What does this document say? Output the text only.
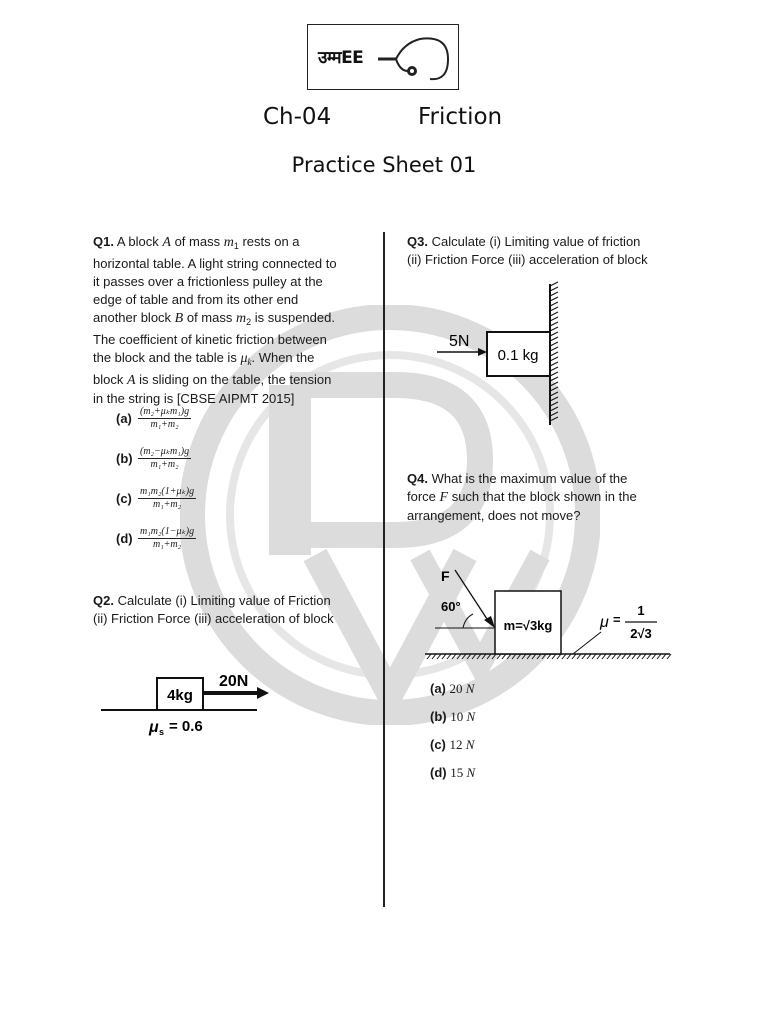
उम्मEE
Ch-04	Friction
Practice Sheet 01
Q1. A block A of mass $m_1$ rests on a
horizontal table. A light string connected to
it passes over a frictionless pulley at the
edge of table and from its other end
another block B of mass $m_2$ is suspended.
The coefficient of kinetic friction between
the block and the table is $\mu_k$. When the
block A is sliding on the table, the tension
in the string is [CBSE AIPMT 2015]
(a) (m₂+μₖm₁)g
m₁+m₂
(b) (m₂−μₖm₁)g
m₁+m₂
$(c) \frac{\text{m₁m₂(1+μₖ)g}}{\text{m₁+m₂}}$
$(d) \frac{\text{m₁m₂(1−μₖ)g}}{\text{m₁+m₂}}$
Q2. Calculate (i) Limiting value of Friction
(ii) Friction Force (iii) acceleration of block
4kg
20N
μ s = 0.6
Q3. Calculate (i) Limiting value of friction
(ii) Friction Force (iii) acceleration of block
0.1 kg
5N
Q4. What is the maximum value of the
force F such that the block shown in the
arrangement, does not move?
m=√3kg
F
60°
μ =
1
2√3
(a) 20 N
(b) 10 N
(c) 12 N
(d) 15 N
